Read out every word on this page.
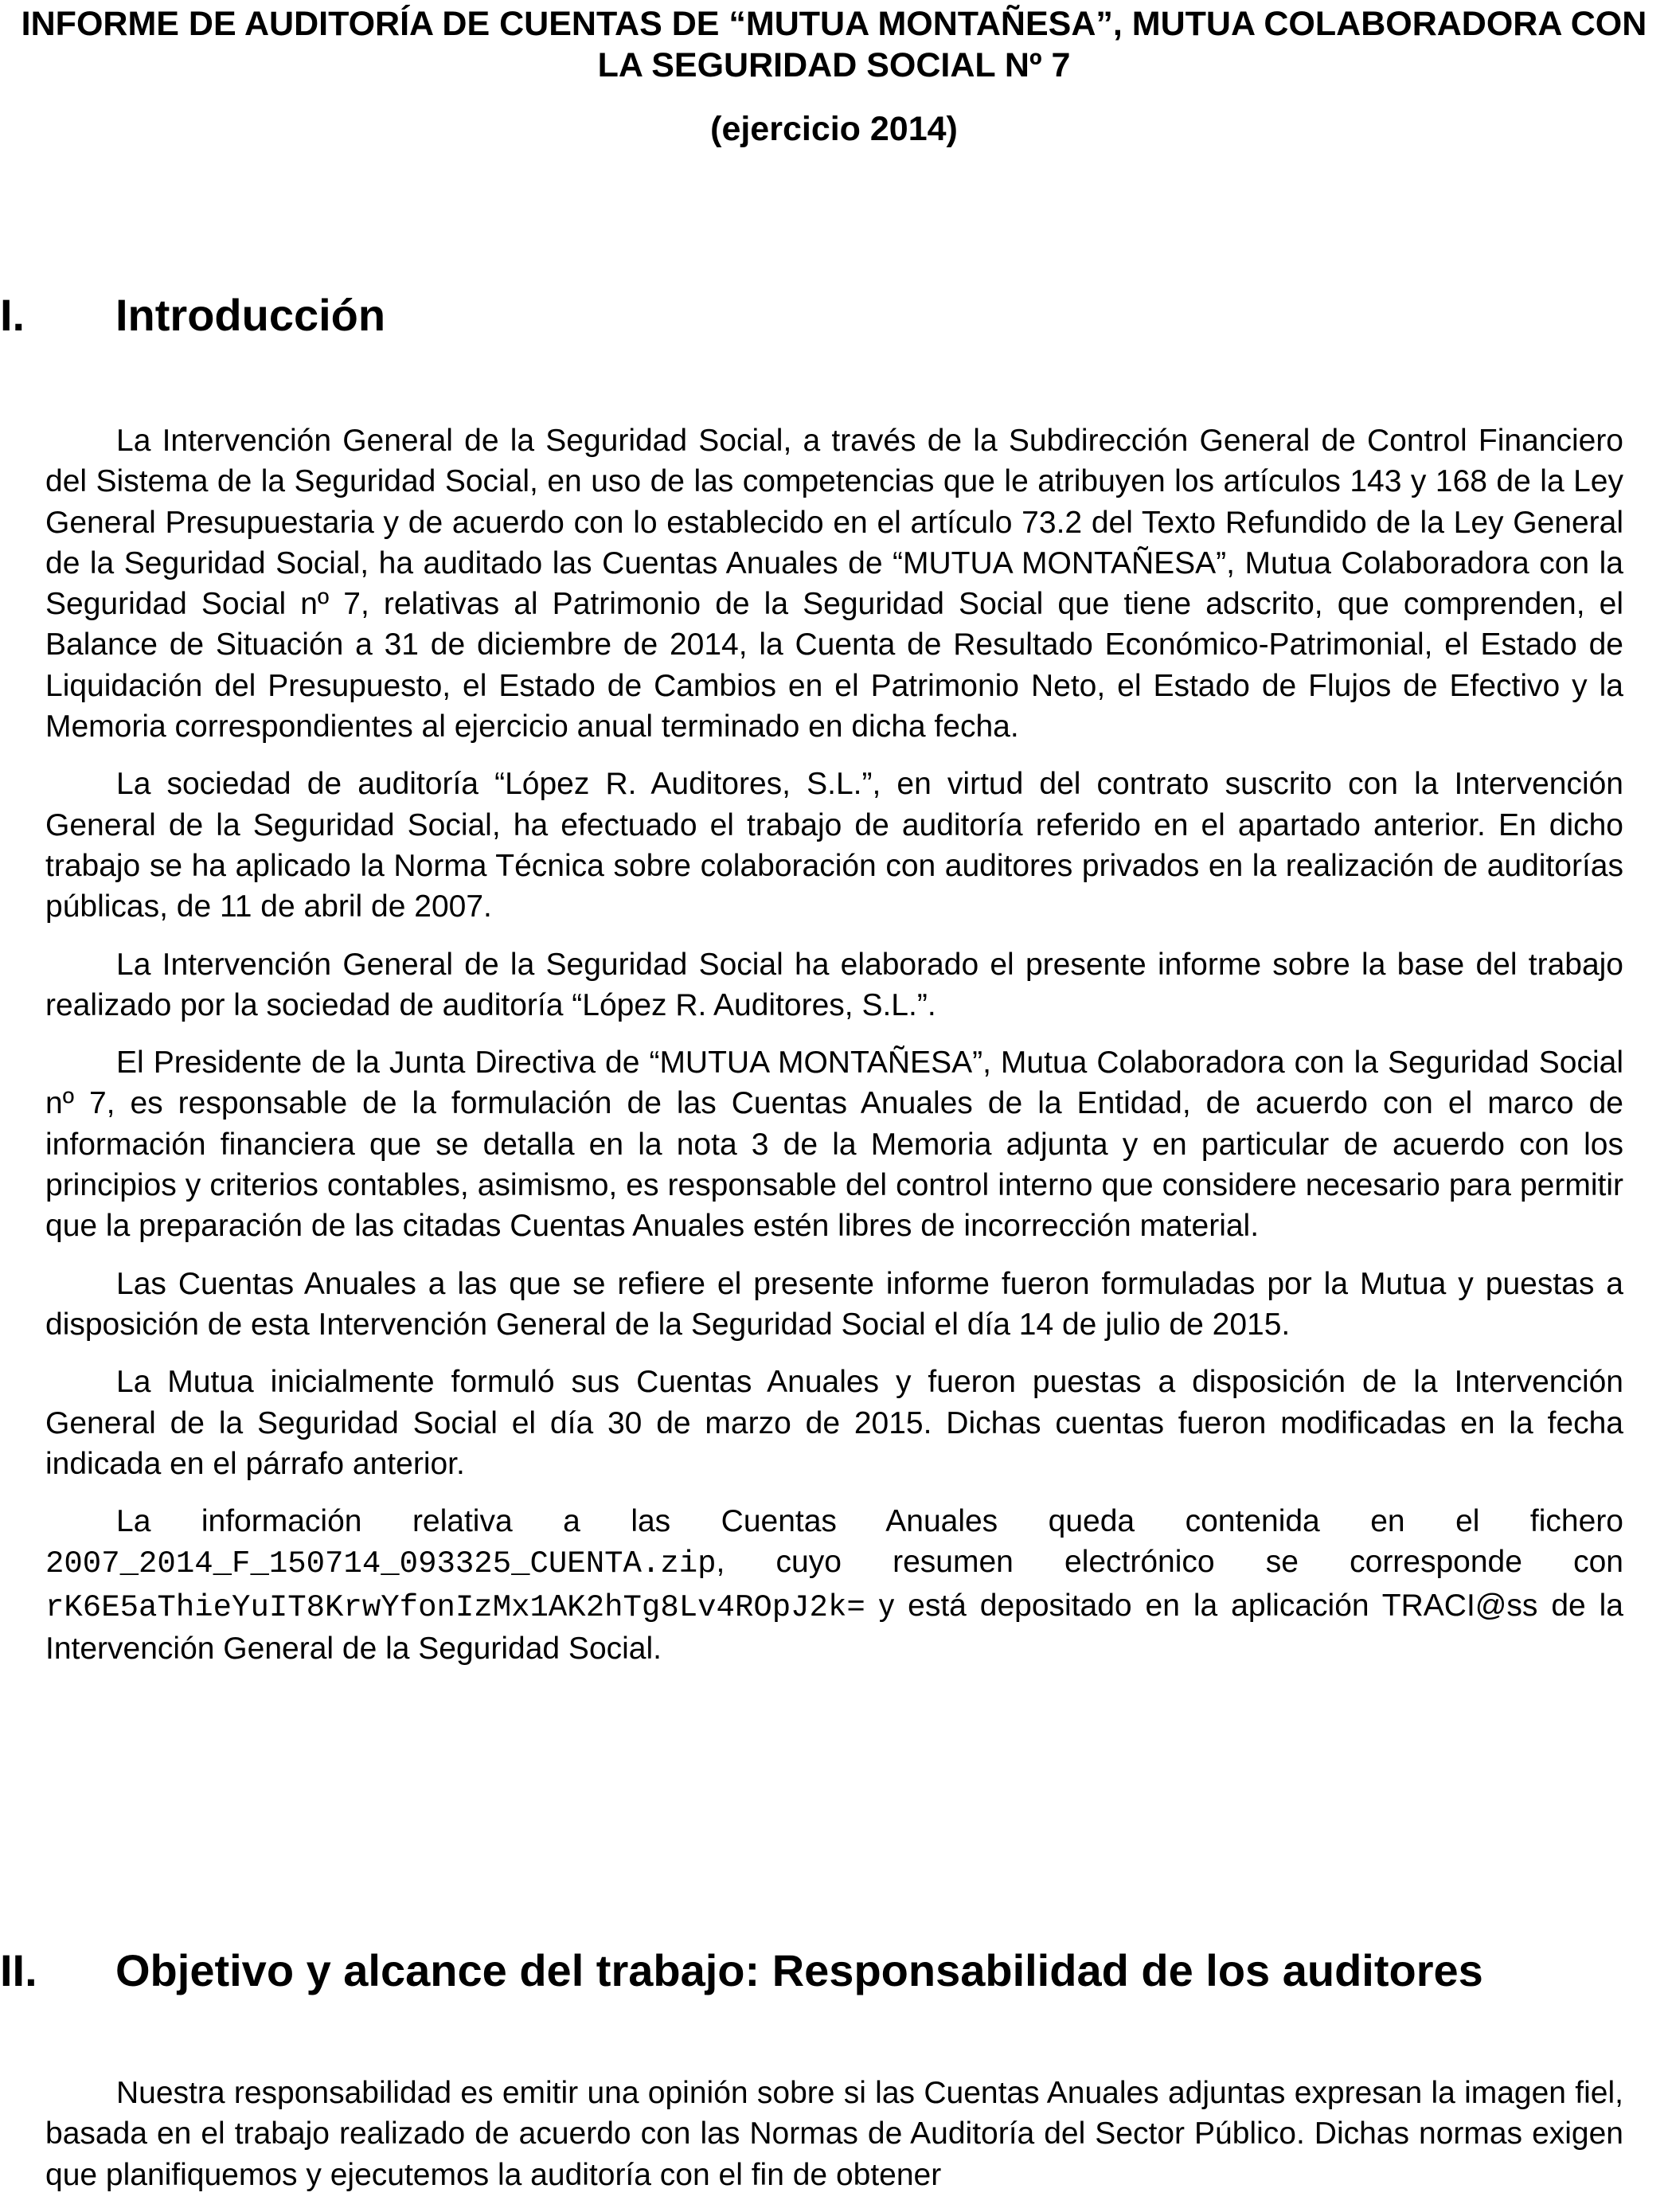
INFORME DE AUDITORÍA DE CUENTAS DE “MUTUA MONTAÑESA”, MUTUA COLABORADORA CON LA SEGURIDAD SOCIAL Nº 7
(ejercicio 2014)
I. Introducción

La Intervención General de la Seguridad Social, a través de la Subdirección General de Control Financiero del Sistema de la Seguridad Social, en uso de las competencias que le atribuyen los artículos 143 y 168 de la Ley General Presupuestaria y de acuerdo con lo establecido en el artículo 73.2 del Texto Refundido de la Ley General de la Seguridad Social, ha auditado las Cuentas Anuales de “MUTUA MONTAÑESA”, Mutua Colaboradora con la Seguridad Social nº 7, relativas al Patrimonio de la Seguridad Social que tiene adscrito, que comprenden, el Balance de Situación a 31 de diciembre de 2014, la Cuenta de Resultado Económico-Patrimonial, el Estado de Liquidación del Presupuesto, el Estado de Cambios en el Patrimonio Neto, el Estado de Flujos de Efectivo y la Memoria correspondientes al ejercicio anual terminado en dicha fecha.

La sociedad de auditoría “López R. Auditores, S.L.”, en virtud del contrato suscrito con la Intervención General de la Seguridad Social, ha efectuado el trabajo de auditoría referido en el apartado anterior. En dicho trabajo se ha aplicado la Norma Técnica sobre colaboración con auditores privados en la realización de auditorías públicas, de 11 de abril de 2007.

La Intervención General de la Seguridad Social ha elaborado el presente informe sobre la base del trabajo realizado por la sociedad de auditoría “López R. Auditores, S.L.”.

El Presidente de la Junta Directiva de “MUTUA MONTAÑESA”, Mutua Colaboradora con la Seguridad Social nº 7, es responsable de la formulación de las Cuentas Anuales de la Entidad, de acuerdo con el marco de información financiera que se detalla en la nota 3 de la Memoria adjunta y en particular de acuerdo con los principios y criterios contables, asimismo, es responsable del control interno que considere necesario para permitir que la preparación de las citadas Cuentas Anuales estén libres de incorrección material.

Las Cuentas Anuales a las que se refiere el presente informe fueron formuladas por la Mutua y puestas a disposición de esta Intervención General de la Seguridad Social el día 14 de julio de 2015.

La Mutua inicialmente formuló sus Cuentas Anuales y fueron puestas a disposición de la Intervención General de la Seguridad Social el día 30 de marzo de 2015. Dichas cuentas fueron modificadas en la fecha indicada en el párrafo anterior.

La información relativa a las Cuentas Anuales queda contenida en el fichero 2007_2014_F_150714_093325_CUENTA.zip, cuyo resumen electrónico se corresponde con rK6E5aThieYuIT8KrwYfonIzMx1AK2hTg8Lv4ROpJ2k= y está depositado en la aplicación TRACI@ss de la Intervención General de la Seguridad Social.

II. Objetivo y alcance del trabajo: Responsabilidad de los auditores

Nuestra responsabilidad es emitir una opinión sobre si las Cuentas Anuales adjuntas expresan la imagen fiel, basada en el trabajo realizado de acuerdo con las Normas de Auditoría del Sector Público. Dichas normas exigen que planifiquemos y ejecutemos la auditoría con el fin de obtener
